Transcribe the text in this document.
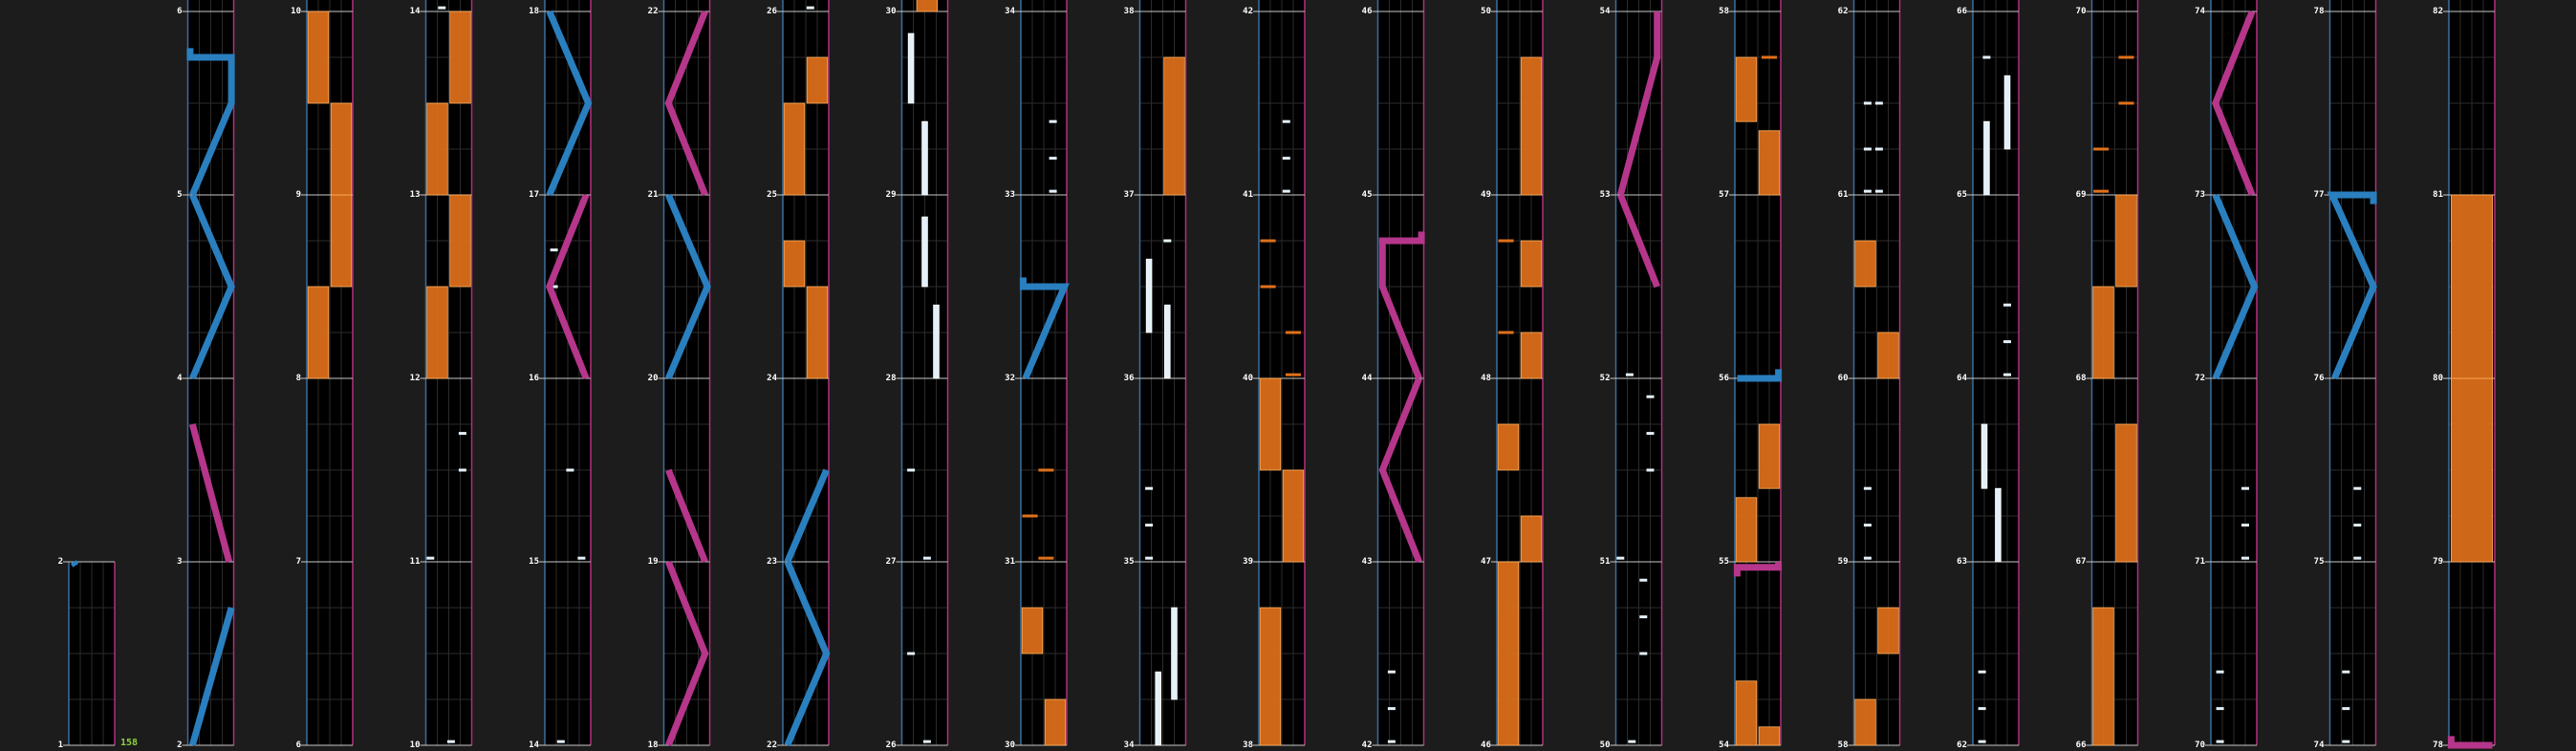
1
2
2
3
4
5
6
6
7
8
9
10
10
11
12
13
14
14
15
16
17
18
18
19
20
21
22
22
23
24
25
26
26
27
28
29
30
30
31
32
33
34
34
35
36
37
38
38
39
40
41
42
42
43
44
45
46
46
47
48
49
50
50
51
52
53
54
54
55
56
57
58
58
59
60
61
62
62
63
64
65
66
66
67
68
69
70
70
71
72
73
74
74
75
76
77
78
78
79
80
81
82
158
